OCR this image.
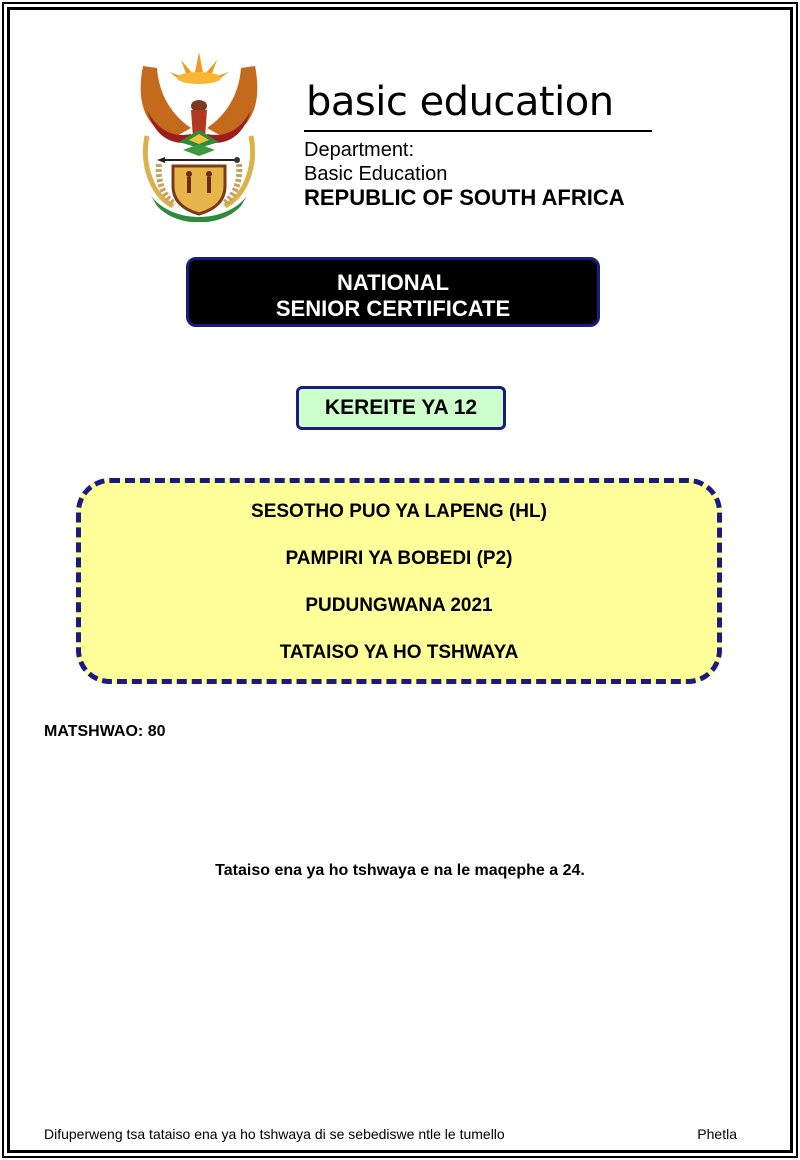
basic education
Department:
Basic Education
REPUBLIC OF SOUTH AFRICA
NATIONAL
SENIOR CERTIFICATE
KEREITE YA 12
SESOTHO PUO YA LAPENG (HL)
PAMPIRI YA BOBEDI (P2)
PUDUNGWANA 2021
TATAISO YA HO TSHWAYA
MATSHWAO: 80
Tataiso ena ya ho tshwaya e na le maqephe a 24.
Difuperweng tsa tataiso ena ya ho tshwaya di se sebediswe ntle le tumello	Phetla
